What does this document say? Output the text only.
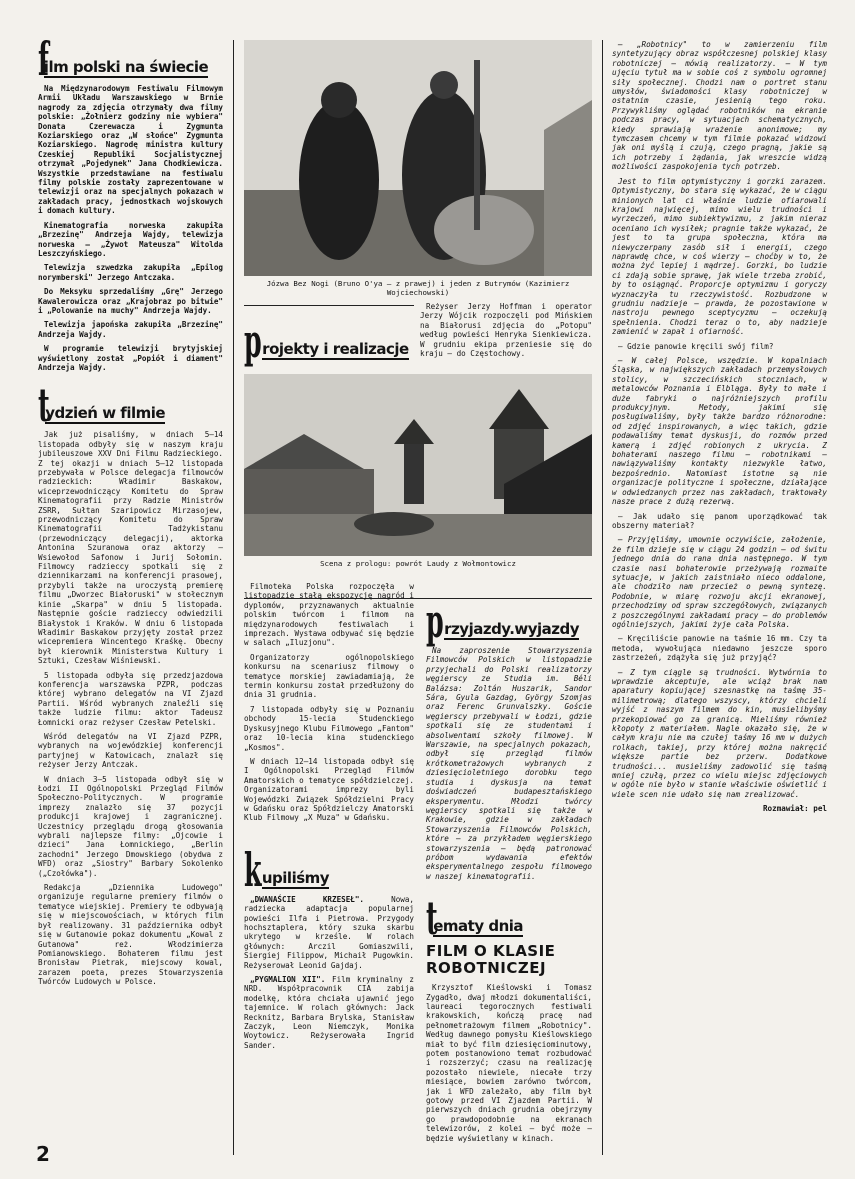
f
ilm polski na świecie

Na Międzynarodowym Festiwalu Filmowym Armii Układu Warszawskiego w Brnie nagrody za zdjęcia otrzymały dwa filmy polskie: „Żołnierz godziny nie wybiera" Donata Czerewacza i Zygmunta Koziarskiego oraz „W słońce" Zygmunta Koziarskiego. Nagrodę ministra kultury Czeskiej Republiki Socjalistycznej otrzymał „Pojedynek" Jana Chodkiewicza. Wszystkie przedstawiane na festiwalu filmy polskie zostały zaprezentowane w telewizji oraz na specjalnych pokazach w zakładach pracy, jednostkach wojskowych i domach kultury.

Kinematografia norweska zakupiła „Brzezinę" Andrzeja Wajdy, telewizja norweska — „Żywot Mateusza" Witolda Leszczyńskiego.

Telewizja szwedzka zakupiła „Epilog norymberski" Jerzego Antczaka.

Do Meksyku sprzedaliśmy „Grę" Jerzego Kawalerowicza oraz „Krajobraz po bitwie" i „Polowanie na muchy" Andrzeja Wajdy.

Telewizja japońska zakupiła „Brzezinę" Andrzeja Wajdy.

W programie telewizji brytyjskiej wyświetlony został „Popiół i diament" Andrzeja Wajdy.

t
ydzień w filmie

Jak już pisaliśmy, w dniach 5—14 listopada odbyły się w naszym kraju jubileuszowe XXV Dni Filmu Radzieckiego. Z tej okazji w dniach 5—12 listopada przebywała w Polsce delegacja filmowców radzieckich: Władimir Baskakow, wiceprzewodniczący Komitetu do Spraw Kinematografii przy Radzie Ministrów ZSRR, Sułtan Szaripowicz Mirzasojew, przewodniczący Komitetu do Spraw Kinematografii Tadżykistanu (przewodniczący delegacji), aktorka Antonina Szuranowa oraz aktorzy — Wsiewołod Safonow i Jurij Sołomin. Filmowcy radzieccy spotkali się z dziennikarzami na konferencji prasowej, przybyli także na uroczystą premierę filmu „Dworzec Białoruski" w stołecznym kinie „Skarpa" w dniu 5 listopada. Następnie goście radzieccy odwiedzili Białystok i Kraków. W dniu 6 listopada Władimir Baskakow przyjęty został przez wicepremiera Wincentego Kraśkę. Obecny był kierownik Ministerstwa Kultury i Sztuki, Czesław Wiśniewski.

5 listopada odbyła się przedzjazdowa konferencja warszawska PZPR, podczas której wybrano delegatów na VI Zjazd Partii. Wśród wybranych znaleźli się także ludzie filmu: aktor Tadeusz Łomnicki oraz reżyser Czesław Petelski.

Wśród delegatów na VI Zjazd PZPR, wybranych na wojewódzkiej konferencji partyjnej w Katowicach, znalazł się reżyser Jerzy Antczak.

W dniach 3—5 listopada odbył się w Łodzi II Ogólnopolski Przegląd Filmów Społeczno-Politycznych. W programie imprezy znalazło się 37 pozycji produkcji krajowej i zagranicznej. Uczestnicy przeglądu drogą głosowania wybrali najlepsze filmy: „Ojcowie i dzieci" Jana Łomnickiego, „Berlin zachodni" Jerzego Dmowskiego (obydwa z WFD) oraz „Siostry" Barbary Sokolenko („Czołówka").

Redakcja „Dziennika Ludowego" organizuje regularne premiery filmów o tematyce wiejskiej. Premiery te odbywają się w miejscowościach, w których film był realizowany. 31 października odbył się w Gutanowie pokaz dokumentu „Kowal z Gutanowa" reż. Włodzimierza Pomianowskiego. Bohaterem filmu jest Bronisław Pietrak, miejscowy kowal, zarazem poeta, prezes Stowarzyszenia Twórców Ludowych w Polsce.

Józwa Bez Nogi (Bruno O'ya — z prawej) i jeden z Butrymów (Kazimierz Wojciechowski)

p rojekty i realizacje

Reżyser Jerzy Hoffman i operator Jerzy Wójcik rozpoczęli pod Mińskiem na Białorusi zdjęcia do „Potopu" według powieści Henryka Sienkiewicza. W grudniu ekipa przeniesie się do kraju — do Częstochowy.

Scena z prologu: powrót Laudy z Wołmontowicz

Filmoteka Polska rozpoczęła w listopadzie stałą ekspozycję nagród i dyplomów, przyznawanych aktualnie polskim twórcom i filmom na międzynarodowych festiwalach i imprezach. Wystawa odbywać się będzie w salach „Iluzjonu".

Organizatorzy ogólnopolskiego konkursu na scenariusz filmowy o tematyce morskiej zawiadamiają, że termin konkursu został przedłużony do dnia 31 grudnia.

7 listopada odbyły się w Poznaniu obchody 15-lecia Studenckiego Dyskusyjnego Klubu Filmowego „Fantom" oraz 10-lecia kina studenckiego „Kosmos".

W dniach 12—14 listopada odbył się I Ogólnopolski Przegląd Filmów Amatorskich o tematyce spółdzielczej. Organizatorami imprezy byli Wojewódzki Związek Spółdzielni Pracy w Gdańsku oraz Spółdzielczy Amatorski Klub Filmowy „X Muza" w Gdańsku.

k upiliśmy

„DWANAŚCIE KRZESEŁ".	Nowa, radziecka adaptacja popularnej powieści Ilfa i Pietrowa. Przygody hochsztaplera, który szuka skarbu ukrytego w krześle. W rolach głównych: Arczil Gomiaszwili, Siergiej Filippow, Michaił Pugowkin. Reżyserował Leonid Gajdaj.

„PYGMALION XII". Film kryminalny z NRD. Współpracownik CIA zabija modelkę, która chciała ujawnić jego tajemnice. W rolach głównych: Jack Recknitz, Barbara Brylska, Stanisław Zaczyk, Leon Niemczyk, Monika Woytowicz. Reżyserowała Ingrid Sander.

p rzyjazdy.wyjazdy

Na zaproszenie Stowarzyszenia Filmowców Polskich w listopadzie przyjechali do Polski realizatorzy węgierscy ze Studia im. Béli Balázsa: Zoltán Huszarik, Sandor Sára, Gyula Gazdag, György Szomjas oraz Ferenc Grunvalszky. Goście węgierscy przebywali w Łodzi, gdzie spotkali się ze studentami i absolwentami szkoły filmowej. W Warszawie, na specjalnych pokazach, odbył się przegląd filmów krótkometrażowych wybranych z dziesięcioletniego dorobku tego studia i dyskusja na temat doświadczeń budapesztańskiego eksperymentu. Młodzi twórcy węgierscy spotkali się także w Krakowie, gdzie w zakładach Stowarzyszenia Filmowców Polskich, które — za przykładem węgierskiego stowarzyszenia — będą patronować próbom wydawania efektów eksperymentalnego zespołu filmowego w naszej kinematografii.

t
ematy dnia
FILM O KLASIE ROBOTNICZEJ

Krzysztof Kieślowski i Tomasz Zygadło, dwaj młodzi dokumentaliści, laureaci tegorocznych festiwali krakowskich, kończą pracę nad pełnometrażowym filmem „Robotnicy". Według dawnego pomysłu Kieślowskiego miał to być film dziesięciominutowy, potem postanowiono temat rozbudować i rozszerzyć; czasu na realizację pozostało niewiele, niecałe trzy miesiące, bowiem zarówno twórcom, jak i WFD zależało, aby film był gotowy przed VI Zjazdem Partii. W pierwszych dniach grudnia obejrzymy go prawdopodobnie na ekranach telewizorów, z kolei — być może — będzie wyświetlany w kinach.

— „Robotnicy" to w zamierzeniu film syntetyzujący obraz współczesnej polskiej klasy robotniczej — mówią realizatorzy. — W tym ujęciu tytuł ma w sobie coś z symbolu ogromnej siły społecznej. Chodzi nam o portret stanu umysłów, świadomości klasy robotniczej w ostatnim czasie, jesienią tego roku. Przywykliśmy oglądać robotników na ekranie podczas pracy, w sytuacjach schematycznych, kiedy sprawiają wrażenie anonimowe; my tymczasem chcemy w tym filmie pokazać widzowi jak oni myślą i czują, czego pragną, jakie są ich potrzeby i żądania, jak wreszcie widzą możliwości zaspokojenia tych potrzeb.

Jest to film optymistyczny i gorzki zarazem. Optymistyczny, bo stara się wykazać, że w ciągu minionych lat ci właśnie ludzie ofiarowali krajowi najwięcej, mimo wielu trudności i wyrzeczeń, mimo subiektywizmu, z jakim nieraz oceniano ich wysiłek; pragnie także wykazać, że jest to ta grupa społeczna, która ma niewyczerpany zasób sił i energii, czego naprawdę chce, w coś wierzy — choćby w to, że można żyć lepiej i mądrzej. Gorzki, bo ludzie ci zdają sobie sprawę, jak wiele trzeba zrobić, by to osiągnąć. Proporcje optymizmu i goryczy wyznaczyła tu rzeczywistość. Rozbudzone w grudniu nadzieje — prawda, że pozostawione w nastroju pewnego sceptycyzmu — oczekują spełnienia. Chodzi teraz o to, aby nadzieje zamienić w zapał i ofiarność.

— Gdzie panowie kręcili swój film?

— W całej Polsce, wszędzie. W kopalniach Śląska, w największych zakładach przemysłowych stolicy, w szczecińskich stoczniach, w metalowców Poznania i Elbląga. Były to małe i duże fabryki o najróżniejszych profilu produkcyjnym. Metody, jakimi się posługiwaliśmy, były także bardzo różnorodne: od zdjęć inspirowanych, a więc takich, gdzie podawaliśmy temat dyskusji, do rozmów przed kamerą i zdjęć robionych z ukrycia. Z bohaterami naszego filmu — robotnikami — nawiązywaliśmy kontakty niezwykle łatwo, bezpośrednio. Natomiast istotne są nie organizacje polityczne i społeczne, działające w odwiedzanych przez nas zakładach, traktowały nasze prace z dużą rezerwą.

— Jak udało się panom uporządkować tak obszerny materiał?

— Przyjęliśmy, umownie oczywiście, założenie, że film dzieje się w ciągu 24 godzin — od świtu jednego dnia do rana dnia następnego. W tym czasie nasi bohaterowie przeżywają rozmaite sytuacje, w jakich zaistniało nieco oddalone, ale chodziło nam przecież o pewną syntezę. Podobnie, w miarę rozwoju akcji ekranowej, przechodzimy od spraw szczegółowych, związanych z poszczególnymi zakładami pracy — do problemów ogólniejszych, jakimi żyje cała Polska.

— Kręciliście panowie na taśmie 16 mm. Czy ta metoda, wywołująca niedawno jeszcze sporo zastrzeżeń, zdążyła się już przyjąć?

— Z tym ciągle są trudności. Wytwórnia to wprawdzie akceptuje, ale wciąż brak nam aparatury kopiującej szesnastkę na taśmę 35-milimetrową; dlatego wszyscy, którzy chcieli wyjść z naszym filmem do kin, musielibyśmy przekopiować go za granicą. Mieliśmy również kłopoty z materiałem. Nagle okazało się, że w całym kraju nie ma czułej taśmy 16 mm w dużych rolkach, takiej, przy której można nakręcić większe partie bez przerw. Dodatkowe trudności... musieliśmy zadowolić się taśmą mniej czułą, przez co wielu miejsc zdjęciowych w ogóle nie było w stanie właściwie oświetlić i wiele scen nie udało się nam zrealizować.

Rozmawiał: pel
2
